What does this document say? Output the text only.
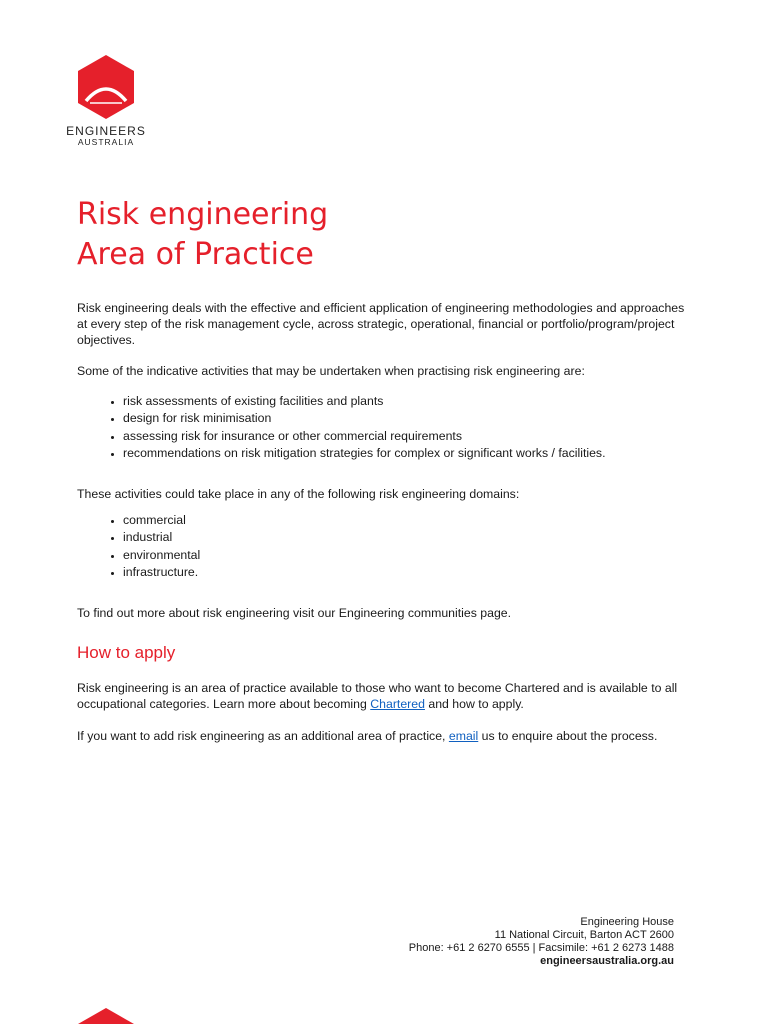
ENGINEERS
AUSTRALIA
Risk engineering
Area of Practice

Risk engineering deals with the effective and efficient application of engineering methodologies and approaches at every step of the risk management cycle, across strategic, operational, financial or portfolio/program/project objectives.

Some of the indicative activities that may be undertaken when practising risk engineering are:

• risk assessments of existing facilities and plants
• design for risk minimisation
• assessing risk for insurance or other commercial requirements
• recommendations on risk mitigation strategies for complex or significant works / facilities.

These activities could take place in any of the following risk engineering domains:

• commercial
• industrial
• environmental
• infrastructure.

To find out more about risk engineering visit our Engineering communities page.

How to apply

Risk engineering is an area of practice available to those who want to become Chartered and is available to all occupational categories. Learn more about becoming Chartered and how to apply.

If you want to add risk engineering as an additional area of practice, email us to enquire about the process.

Engineering House
11 National Circuit, Barton ACT 2600
Phone: +61 2 6270 6555 | Facsimile: +61 2 6273 1488
engineersaustralia.org.au
